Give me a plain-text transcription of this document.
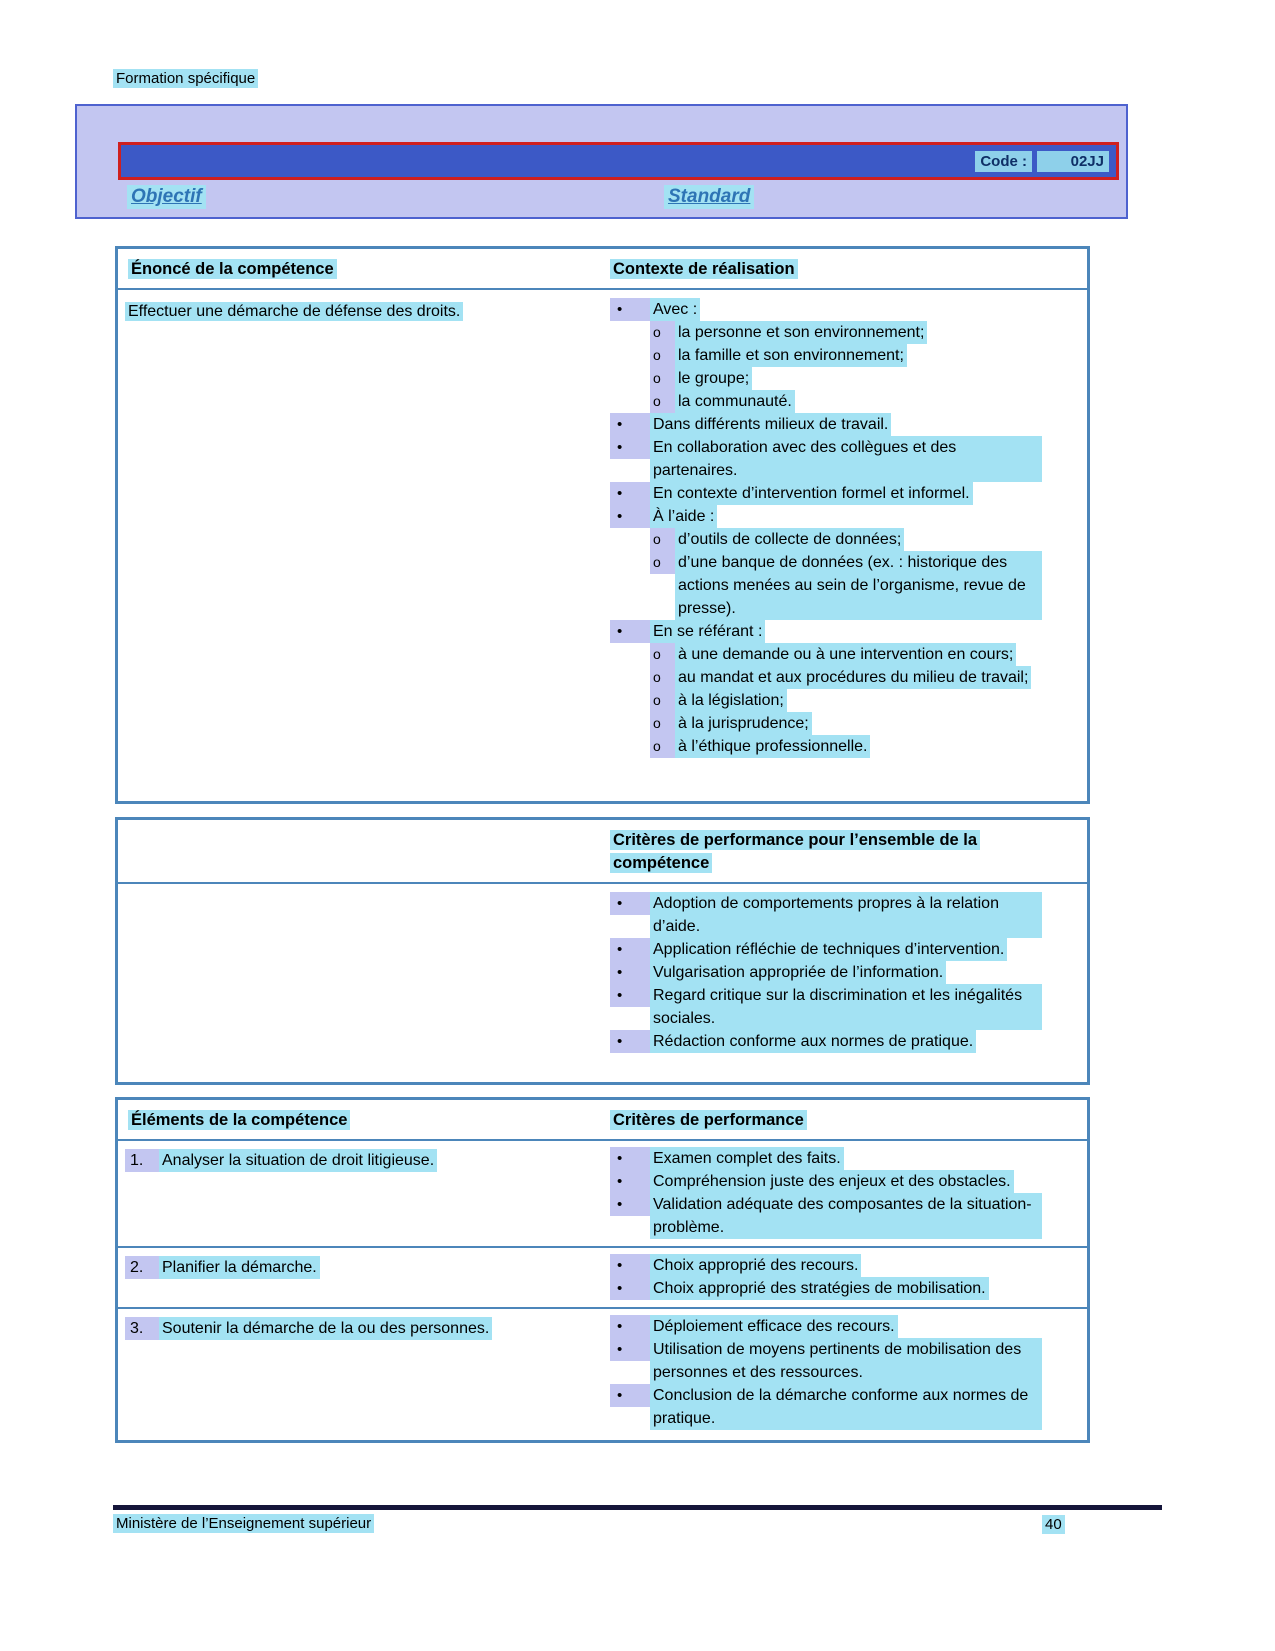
Formation spécifique
Code :	02JJ
Objectif	Standard
Énoncé de la compétence	Contexte de réalisation
Effectuer une démarche de défense des droits.	•	Avec :
o	la personne et son environnement;
o	la famille et son environnement;
o	le groupe;
o	la communauté.
•	Dans différents milieux de travail.
•	En collaboration avec des collègues et des partenaires.
•	En contexte d’intervention formel et informel.
•	À l’aide :
o	d’outils de collecte de données;
o	d’une banque de données (ex. : historique des actions menées au sein de l’organisme, revue de presse).
•	En se référant :
o	à une demande ou à une intervention en cours;
o	au mandat et aux procédures du milieu de travail;
o	à la législation;
o	à la jurisprudence;
o	à l’éthique professionnelle.
Critères de performance pour l’ensemble de la compétence
•	Adoption de comportements propres à la relation d’aide.
•	Application réfléchie de techniques d’intervention.
•	Vulgarisation appropriée de l’information.
•	Regard critique sur la discrimination et les inégalités sociales.
•	Rédaction conforme aux normes de pratique.
Éléments de la compétence	Critères de performance
1.	Analyser la situation de droit litigieuse.	•	Examen complet des faits.
•	Compréhension juste des enjeux et des obstacles.
•	Validation adéquate des composantes de la situation-problème.
2.	Planifier la démarche.	•	Choix approprié des recours.
•	Choix approprié des stratégies de mobilisation.
3.	Soutenir la démarche de la ou des personnes.	•	Déploiement efficace des recours.
•	Utilisation de moyens pertinents de mobilisation des personnes et des ressources.
•	Conclusion de la démarche conforme aux normes de pratique.
Ministère de l’Enseignement supérieur	40
